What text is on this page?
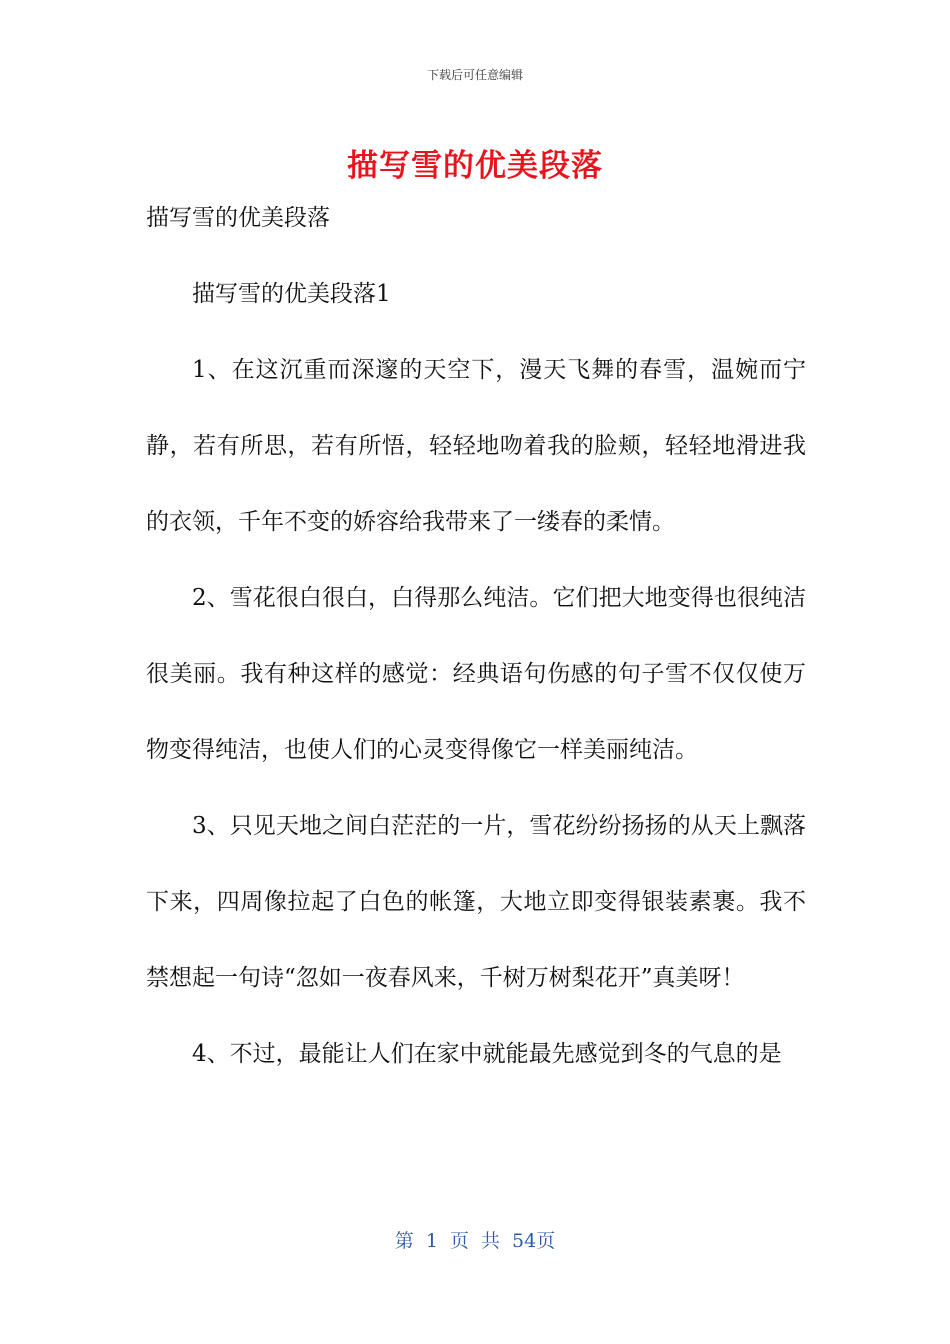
下载后可任意编辑
描写雪的优美段落

描写雪的优美段落

描写雪的优美段落1

1、在这沉重而深邃的天空下，漫天飞舞的春雪，温婉而宁静，若有所思，若有所悟，轻轻地吻着我的脸颊，轻轻地滑进我的衣领，千年不变的娇容给我带来了一缕春的柔情。

2、雪花很白很白，白得那么纯洁。它们把大地变得也很纯洁很美丽。我有种这样的感觉：经典语句伤感的句子雪不仅仅使万物变得纯洁，也使人们的心灵变得像它一样美丽纯洁。

3、只见天地之间白茫茫的一片，雪花纷纷扬扬的从天上飘落下来，四周像拉起了白色的帐篷，大地立即变得银装素裹。我不禁想起一句诗“忽如一夜春风来，千树万树梨花开”真美呀！

4、不过，最能让人们在家中就能最先感觉到冬的气息的是

第 1 页 共 54页
